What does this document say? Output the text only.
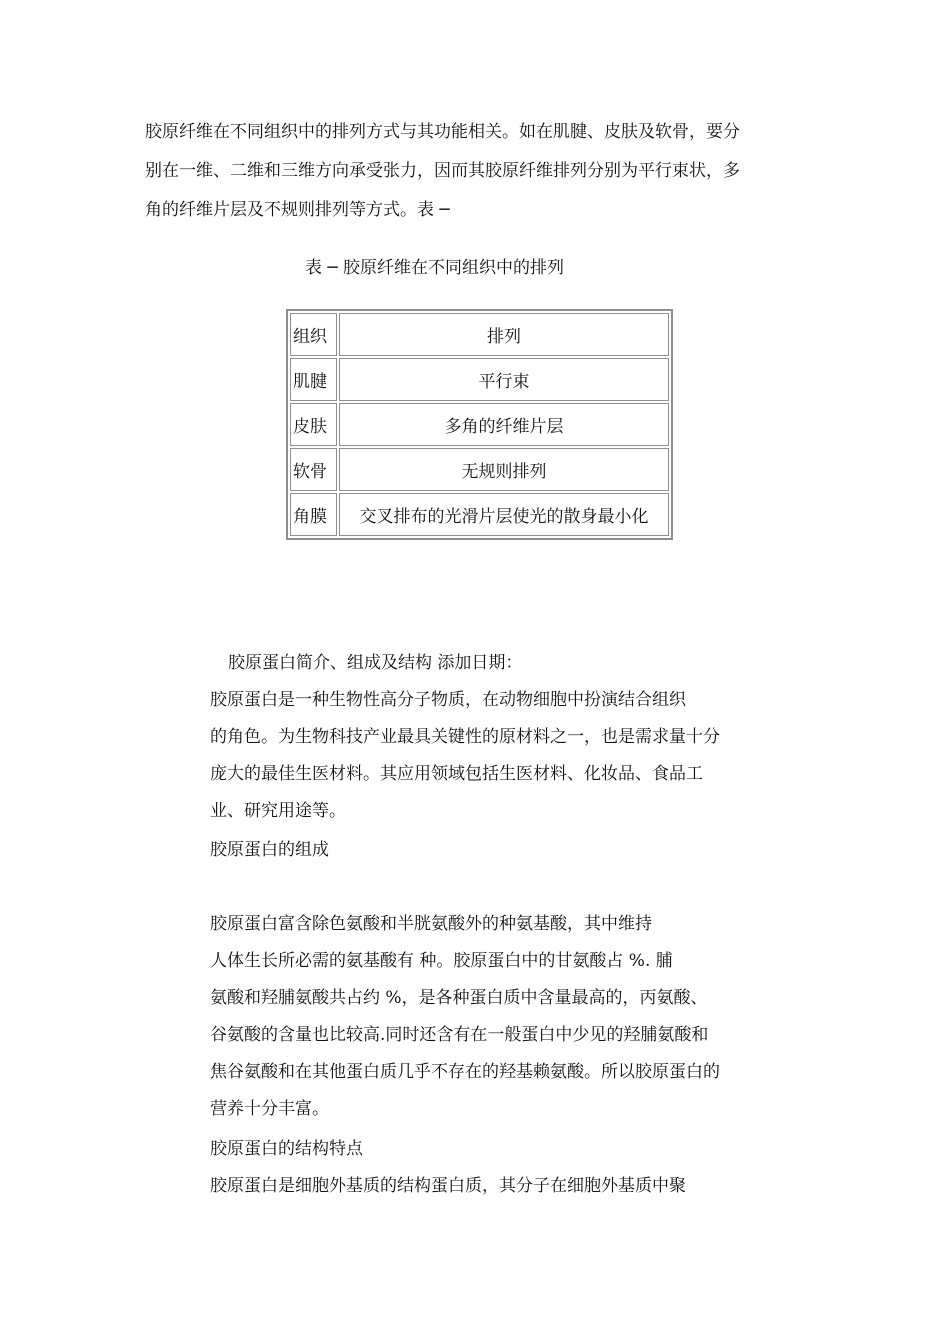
胶原纤维在不同组织中的排列方式与其功能相关。如在肌腱、皮肤及软骨，要分
别在一维、二维和三维方向承受张力，因而其胶原纤维排列分别为平行束状，多
角的纤维片层及不规则排列等方式。表 ─
表 ─ 胶原纤维在不同组织中的排列
组织	排列
肌腱	平行束
皮肤	多角的纤维片层
软骨	无规则排列
角膜	交叉排布的光滑片层使光的散身最小化
胶原蛋白简介、组成及结构 添加日期：
胶原蛋白是一种生物性高分子物质，在动物细胞中扮演结合组织
的角色。为生物科技产业最具关键性的原材料之一，也是需求量十分
庞大的最佳生医材料。其应用领域包括生医材料、化妆品、食品工
业、研究用途等。
胶原蛋白的组成
胶原蛋白富含除色氨酸和半胱氨酸外的种氨基酸，其中维持
人体生长所必需的氨基酸有 种。胶原蛋白中的甘氨酸占 %. 脯
氨酸和羟脯氨酸共占约 %，是各种蛋白质中含量最高的，丙氨酸、
谷氨酸的含量也比较高.同时还含有在一般蛋白中少见的羟脯氨酸和
焦谷氨酸和在其他蛋白质几乎不存在的羟基赖氨酸。所以胶原蛋白的
营养十分丰富。
胶原蛋白的结构特点
胶原蛋白是细胞外基质的结构蛋白质，其分子在细胞外基质中聚
